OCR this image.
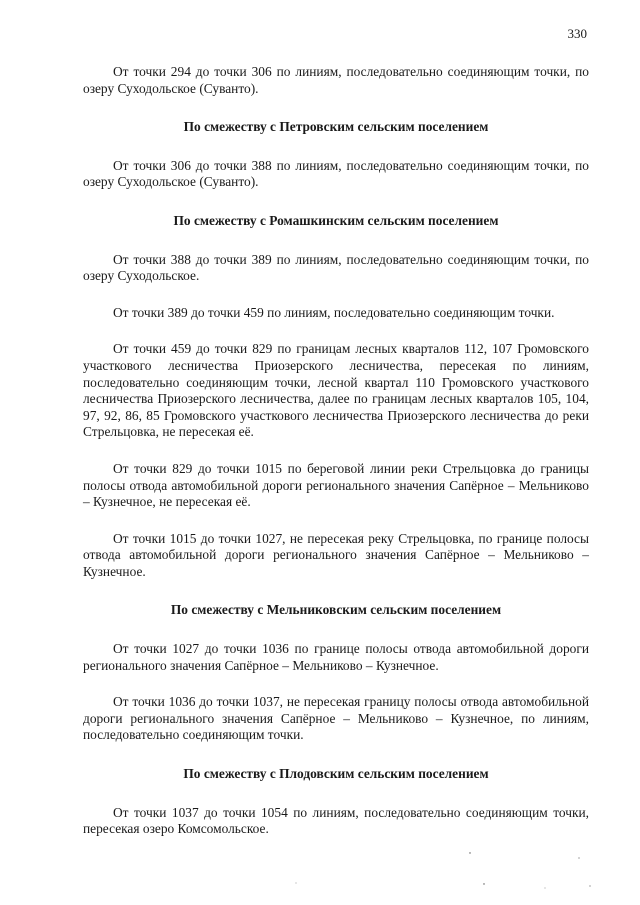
330

От точки 294 до точки 306 по линиям, последовательно соединяющим точки, по озеру Суходольское (Суванто).

По смежеству с Петровским сельским поселением

От точки 306 до точки 388 по линиям, последовательно соединяющим точки, по озеру Суходольское (Суванто).

По смежеству с Ромашкинским сельским поселением

От точки 388 до точки 389 по линиям, последовательно соединяющим точки, по озеру Суходольское.

От точки 389 до точки 459 по линиям, последовательно соединяющим точки.

От точки 459 до точки 829 по границам лесных кварталов 112, 107 Громовского участкового лесничества Приозерского лесничества, пересекая по линиям, последовательно соединяющим точки, лесной квартал 110 Громовского участкового лесничества Приозерского лесничества, далее по границам лесных кварталов 105, 104, 97, 92, 86, 85 Громовского участкового лесничества Приозерского лесничества до реки Стрельцовка, не пересекая её.

От точки 829 до точки 1015 по береговой линии реки Стрельцовка до границы полосы отвода автомобильной дороги регионального значения Сапёрное – Мельниково – Кузнечное, не пересекая её.

От точки 1015 до точки 1027, не пересекая реку Стрельцовка, по границе полосы отвода автомобильной дороги регионального значения Сапёрное – Мельниково – Кузнечное.

По смежеству с Мельниковским сельским поселением

От точки 1027 до точки 1036 по границе полосы отвода автомобильной дороги регионального значения Сапёрное – Мельниково – Кузнечное.

От точки 1036 до точки 1037, не пересекая границу полосы отвода автомобильной дороги регионального значения Сапёрное – Мельниково – Кузнечное, по линиям, последовательно соединяющим точки.

По смежеству с Плодовским сельским поселением

От точки 1037 до точки 1054 по линиям, последовательно соединяющим точки, пересекая озеро Комсомольское.
